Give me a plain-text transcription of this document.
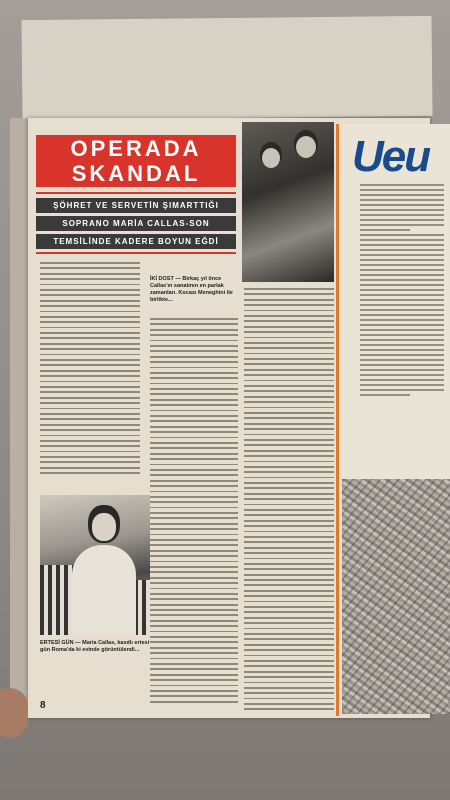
Ueu
OPERADA
SKANDAL
ŞÖHRET VE SERVETİN ŞIMARTTIĞI
SOPRANO MARİA CALLAS-SON
TEMSİLİNDE KADERE BOYUN EĞDİ
İKİ DOST — Birkaç yıl önce Callas'ın sanatının en parlak zamanları. Kocası Meneghini ile birlikte...
ERTESİ GÜN — Maria Callas, kasıtlı ertesi gün Roma'da ki evinde görüntülendi...
8
